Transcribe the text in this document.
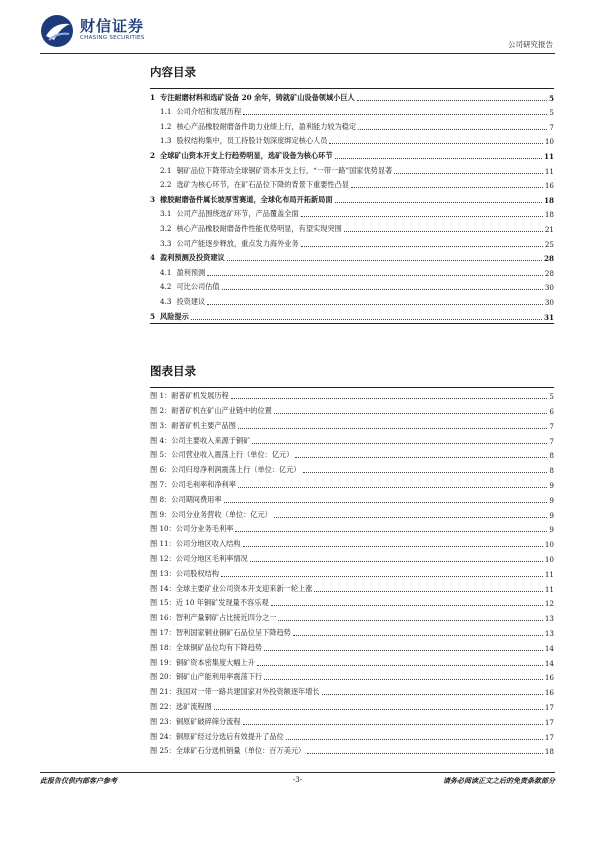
财信证券
CHASING SECURITIES
公司研究报告
内容目录
1 专注耐磨材料和选矿设备 20 余年，铸就矿山设备领域小巨人	5
1.1 公司介绍和发展历程	5
1.2 核心产品橡胶耐磨备件助力业绩上行，盈利能力较为稳定	7
1.3 股权结构集中，员工持股计划深度绑定核心人员	10
2 全球矿山资本开支上行趋势明显，选矿设备为核心环节	11
2.1 铜矿品位下降带动全球铜矿资本开支上行，“一带一路”国家优势显著	11
2.2 选矿为核心环节，在矿石品位下降的背景下重要性凸显	16
3 橡胶耐磨备件属长坡厚雪赛道，全球化布局开拓新局面	18
3.1 公司产品围绕选矿环节，产品覆盖全面	18
3.2 核心产品橡胶耐磨备件性能优势明显，有望实现突围	21
3.3 公司产能逐步释放，重点发力海外业务	25
4 盈利预测及投资建议	28
4.1 盈利预测	28
4.2 可比公司估值	30
4.3 投资建议	30
5 风险提示	31
图表目录
图 1：耐普矿机发展历程	5
图 2：耐普矿机在矿山产业链中的位置	6
图 3：耐普矿机主要产品图	7
图 4：公司主要收入来源于铜矿	7
图 5：公司营业收入震荡上行（单位：亿元）	8
图 6：公司归母净利润震荡上行（单位：亿元）	8
图 7：公司毛利率和净利率	9
图 8：公司期间费用率	9
图 9：公司分业务营收（单位：亿元）	9
图 10：公司分业务毛利率	9
图 11：公司分地区收入结构	10
图 12：公司分地区毛利率情况	10
图 13：公司股权结构	11
图 14：全球主要矿业公司资本开支迎来新一轮上涨	11
图 15：近 10 年铜矿发现量不容乐观	12
图 16：智利产量铜矿占比接近四分之一	13
图 17：智利国家铜业铜矿石品位呈下降趋势	13
图 18：全球铜矿品位均有下降趋势	14
图 19：铜矿资本密集度大幅上升	14
图 20：铜矿山产能利用率震荡下行	16
图 21：我国对一带一路共建国家对外投资额逐年增长	16
图 22：选矿流程图	17
图 23：铜原矿破碎筛分流程	17
图 24：铜原矿经过分选后有效提升了品位	17
图 25：全球矿石分选机销量（单位：百万美元）	18
此报告仅供内部客户参考	-3-	请务必阅读正文之后的免责条款部分
